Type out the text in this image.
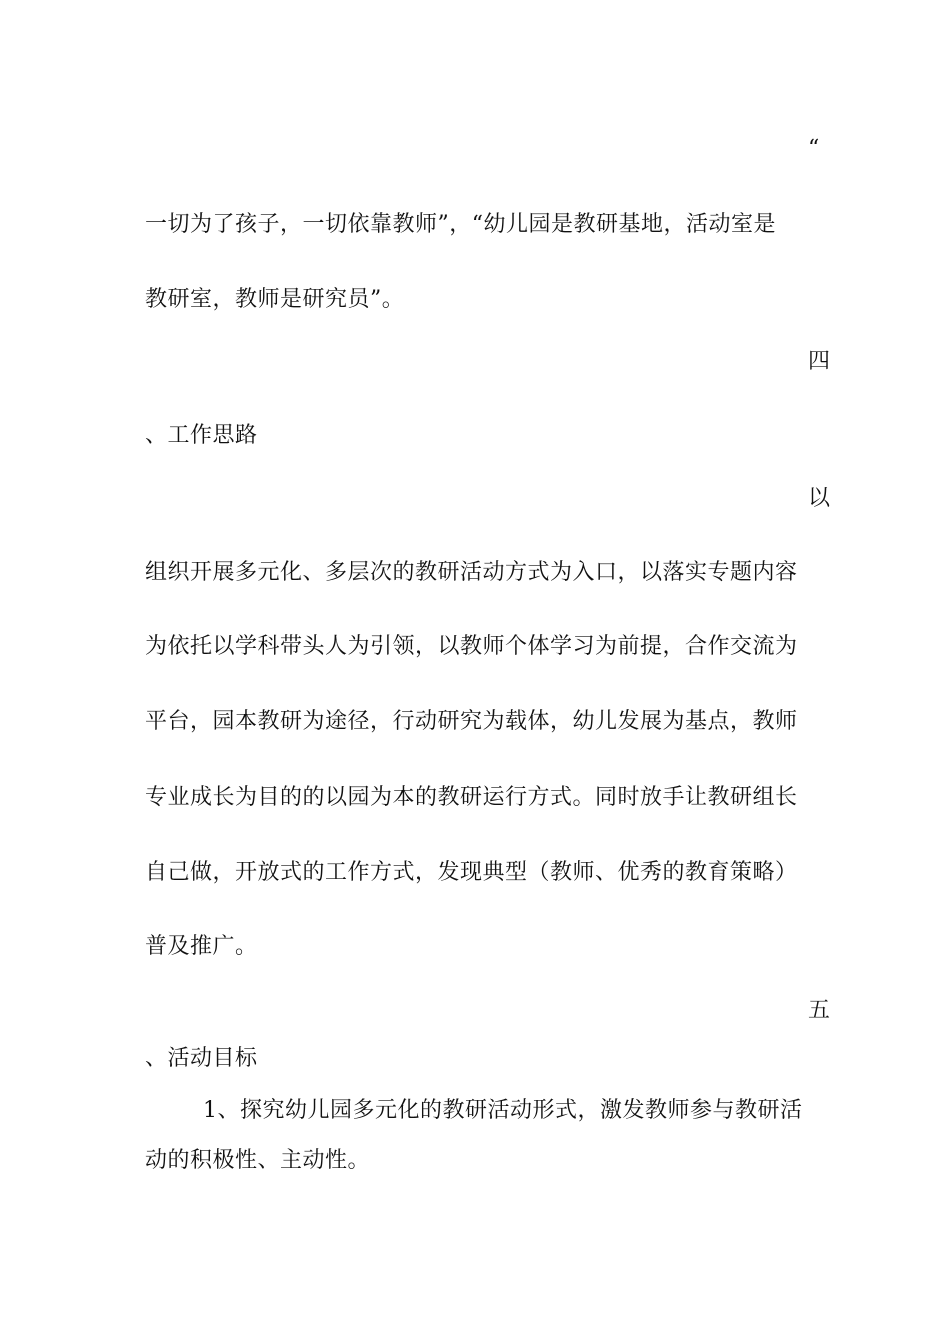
“
一切为了孩子，一切依靠教师”，“幼儿园是教研基地，活动室是
教研室，教师是研究员”。
四
、工作思路
以
组织开展多元化、多层次的教研活动方式为入口，以落实专题内容
为依托以学科带头人为引领，以教师个体学习为前提，合作交流为
平台，园本教研为途径，行动研究为载体，幼儿发展为基点，教师
专业成长为目的的以园为本的教研运行方式。同时放手让教研组长
自己做，开放式的工作方式，发现典型（教师、优秀的教育策略）
普及推广。
五
、活动目标
1、探究幼儿园多元化的教研活动形式，激发教师参与教研活
动的积极性、主动性。
